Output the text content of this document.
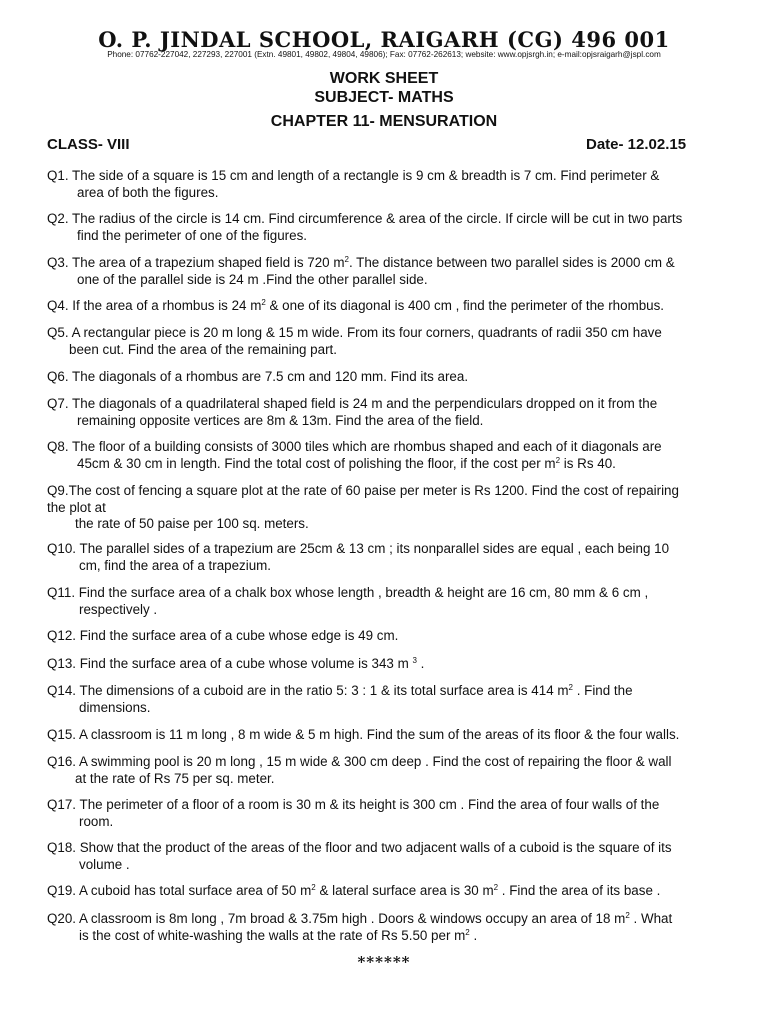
O. P. JINDAL SCHOOL, RAIGARH (CG) 496 001
Phone: 07762-227042, 227293, 227001 (Extn. 49801, 49802, 49804, 49806); Fax: 07762-262613; website: www.opjsrgh.in; e-mail:opjsraigarh@jspl.com
WORK SHEET
SUBJECT- MATHS
CHAPTER 11- MENSURATION
CLASS- VIII	Date- 12.02.15
Q1. The side of a square is 15 cm and length of a rectangle is 9 cm & breadth is 7 cm. Find perimeter &
area of both the figures.
Q2. The radius of the circle is 14 cm. Find circumference & area of the circle. If circle will be cut in two parts
find the perimeter of one of the figures.
Q3. The area of a trapezium shaped field is 720 $m^2$. The distance between two parallel sides is 2000 cm &
one of the parallel side is 24 m .Find the other parallel side.
Q4. If the area of a rhombus is 24 $m^2$ & one of its diagonal is 400 cm , find the perimeter of the rhombus.
Q5. A rectangular piece is 20 m long & 15 m wide. From its four corners, quadrants of radii 350 cm have
been cut. Find the area of the remaining part.
Q6. The diagonals of a rhombus are 7.5 cm and 120 mm. Find its area.
Q7. The diagonals of a quadrilateral shaped field is 24 m and the perpendiculars dropped on it from the
remaining opposite vertices are 8m & 13m. Find the area of the field.
Q8. The floor of a building consists of 3000 tiles which are rhombus shaped and each of it diagonals are
45cm & 30 cm in length. Find the total cost of polishing the floor, if the cost per $m^2$ is Rs 40.
Q9.The cost of fencing a square plot at the rate of 60 paise per meter is Rs 1200. Find the cost of repairing
the plot at
the rate of 50 paise per 100 sq. meters.
Q10. The parallel sides of a trapezium are 25cm & 13 cm ; its nonparallel sides are equal , each being 10
cm, find the area of a trapezium.
Q11. Find the surface area of a chalk box whose length , breadth & height are 16 cm, 80 mm & 6 cm ,
respectively .
Q12. Find the surface area of a cube whose edge is 49 cm.
Q13. Find the surface area of a cube whose volume is 343 m $^3$ .
Q14. The dimensions of a cuboid are in the ratio 5: 3 : 1 & its total surface area is 414 $m^2$ . Find the
dimensions.
Q15. A classroom is 11 m long , 8 m wide & 5 m high. Find the sum of the areas of its floor & the four walls.
Q16. A swimming pool is 20 m long , 15 m wide & 300 cm deep . Find the cost of repairing the floor & wall
at the rate of Rs 75 per sq. meter.
Q17. The perimeter of a floor of a room is 30 m & its height is 300 cm . Find the area of four walls of the
room.
Q18. Show that the product of the areas of the floor and two adjacent walls of a cuboid is the square of its
volume .
Q19. A cuboid has total surface area of 50 $m^2$ & lateral surface area is 30 $m^2$ . Find the area of its base .
Q20. A classroom is 8m long , 7m broad & 3.75m high . Doors & windows occupy an area of 18 $m^2$ . What
is the cost of white-washing the walls at the rate of Rs 5.50 per $m^2$ .
******
